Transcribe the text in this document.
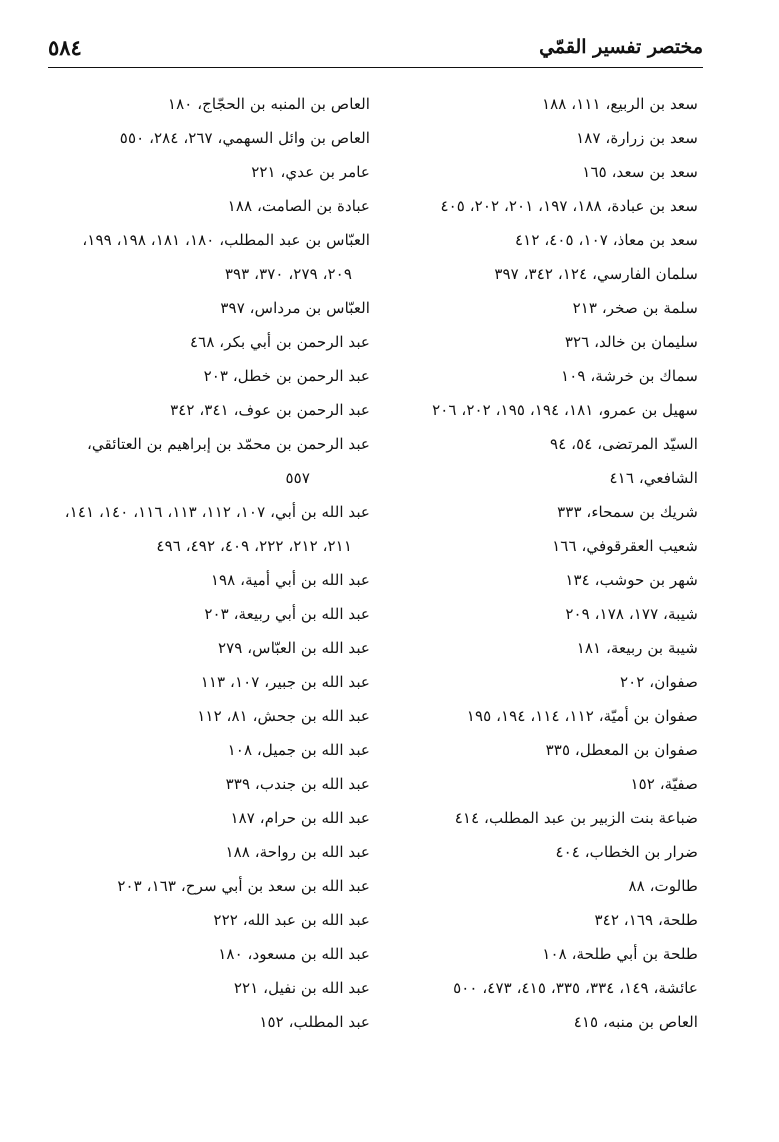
٥٨٤	مختصر تفسير القمّي
سعد بن الربيع، ١١١، ١٨٨
سعد بن زرارة، ١٨٧
سعد بن سعد، ١٦٥
سعد بن عبادة، ١٨٨، ١٩٧، ٢٠١، ٢٠٢، ٤٠٥
سعد بن معاذ، ١٠٧، ٤٠٥، ٤١٢
سلمان الفارسي، ١٢٤، ٣٤٢، ٣٩٧
سلمة بن صخر، ٢١٣
سليمان بن خالد، ٣٢٦
سماك بن خرشة، ١٠٩
سهيل بن عمرو، ١٨١، ١٩٤، ١٩٥، ٢٠٢، ٢٠٦
السيّد المرتضى، ٥٤، ٩٤
الشافعي، ٤١٦
شريك بن سمحاء، ٣٣٣
شعيب العقرقوفي، ١٦٦
شهر بن حوشب، ١٣٤
شيبة، ١٧٧، ١٧٨، ٢٠٩
شيبة بن ربيعة، ١٨١
صفوان، ٢٠٢
صفوان بن أميّة، ١١٢، ١١٤، ١٩٤، ١٩٥
صفوان بن المعطل، ٣٣٥
صفيّة، ١٥٢
ضباعة بنت الزبير بن عبد المطلب، ٤١٤
ضرار بن الخطاب، ٤٠٤
طالوت، ٨٨
طلحة، ١٦٩، ٣٤٢
طلحة بن أبي طلحة، ١٠٨
عائشة، ١٤٩، ٣٣٤، ٣٣٥، ٤١٥، ٤٧٣، ٥٠٠
العاص بن منبه، ٤١٥
العاص بن المنبه بن الحجّاج، ١٨٠
العاص بن وائل السهمي، ٢٦٧، ٢٨٤، ٥٥٠
عامر بن عدي، ٢٢١
عبادة بن الصامت، ١٨٨
العبّاس بن عبد المطلب، ١٨٠، ١٨١، ١٩٨، ١٩٩،
٢٠٩، ٢٧٩، ٣٧٠، ٣٩٣
العبّاس بن مرداس، ٣٩٧
عبد الرحمن بن أبي بكر، ٤٦٨
عبد الرحمن بن خطل، ٢٠٣
عبد الرحمن بن عوف، ٣٤١، ٣٤٢
عبد الرحمن بن محمّد بن إبراهيم بن العتائقي،
٥٥٧
عبد الله بن أبي، ١٠٧، ١١٢، ١١٣، ١١٦، ١٤٠، ١٤١،
٢١١، ٢١٢، ٢٢٢، ٤٠٩، ٤٩٢، ٤٩٦
عبد الله بن أبي أمية، ١٩٨
عبد الله بن أبي ربيعة، ٢٠٣
عبد الله بن العبّاس، ٢٧٩
عبد الله بن جبير، ١٠٧، ١١٣
عبد الله بن جحش، ٨١، ١١٢
عبد الله بن جميل، ١٠٨
عبد الله بن جندب، ٣٣٩
عبد الله بن حرام، ١٨٧
عبد الله بن رواحة، ١٨٨
عبد الله بن سعد بن أبي سرح، ١٦٣، ٢٠٣
عبد الله بن عبد الله، ٢٢٢
عبد الله بن مسعود، ١٨٠
عبد الله بن نفيل، ٢٢١
عبد المطلب، ١٥٢
